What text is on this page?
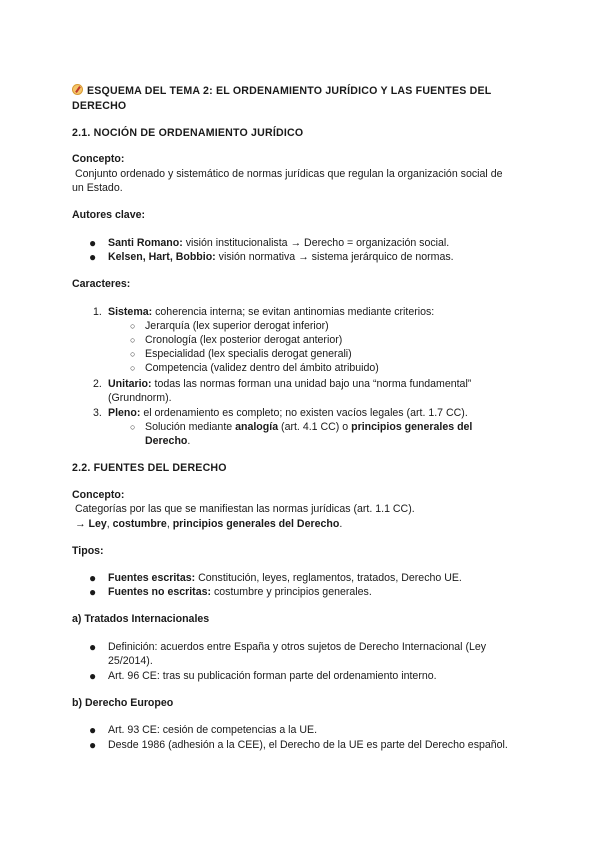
ESQUEMA DEL TEMA 2: EL ORDENAMIENTO JURÍDICO Y LAS FUENTES DEL
DERECHO
2.1. NOCIÓN DE ORDENAMIENTO JURÍDICO
Concepto:
Conjunto ordenado y sistemático de normas jurídicas que regulan la organización social de
un Estado.
Autores clave:
● Santi Romano: visión institucionalista → Derecho = organización social.
● Kelsen, Hart, Bobbio: visión normativa → sistema jerárquico de normas.
Caracteres:
1. Sistema: coherencia interna; se evitan antinomias mediante criterios:
○ Jerarquía (lex superior derogat inferior)
○ Cronología (lex posterior derogat anterior)
○ Especialidad (lex specialis derogat generali)
○ Competencia (validez dentro del ámbito atribuido)
2. Unitario: todas las normas forman una unidad bajo una “norma fundamental”
(Grundnorm).
3. Pleno: el ordenamiento es completo; no existen vacíos legales (art. 1.7 CC).
○ Solución mediante analogía (art. 4.1 CC) o principios generales del
Derecho.
2.2. FUENTES DEL DERECHO
Concepto:
Categorías por las que se manifiestan las normas jurídicas (art. 1.1 CC).
→ Ley, costumbre, principios generales del Derecho.
Tipos:
● Fuentes escritas: Constitución, leyes, reglamentos, tratados, Derecho UE.
● Fuentes no escritas: costumbre y principios generales.
a) Tratados Internacionales
● Definición: acuerdos entre España y otros sujetos de Derecho Internacional (Ley
25/2014).
● Art. 96 CE: tras su publicación forman parte del ordenamiento interno.
b) Derecho Europeo
● Art. 93 CE: cesión de competencias a la UE.
● Desde 1986 (adhesión a la CEE), el Derecho de la UE es parte del Derecho español.
